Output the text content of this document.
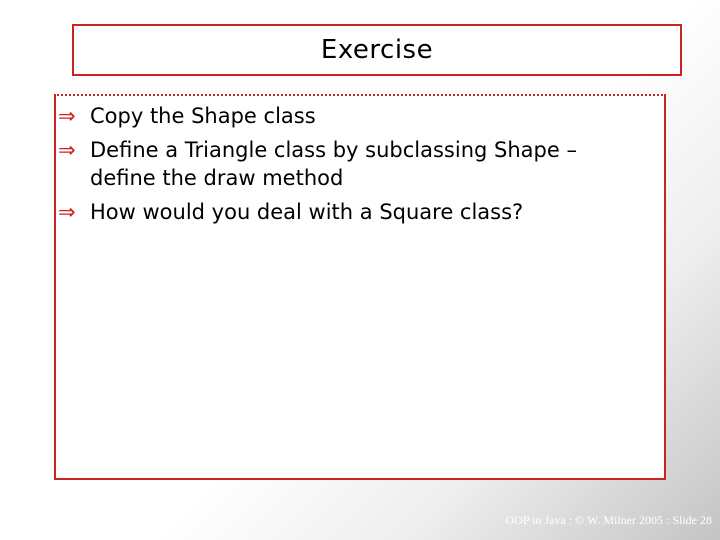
Exercise
⇒ Copy the Shape class
⇒ Define a Triangle class by subclassing Shape – define the draw method
⇒ How would you deal with a Square class?
OOP in Java : © W. Milner 2005 : Slide 28
